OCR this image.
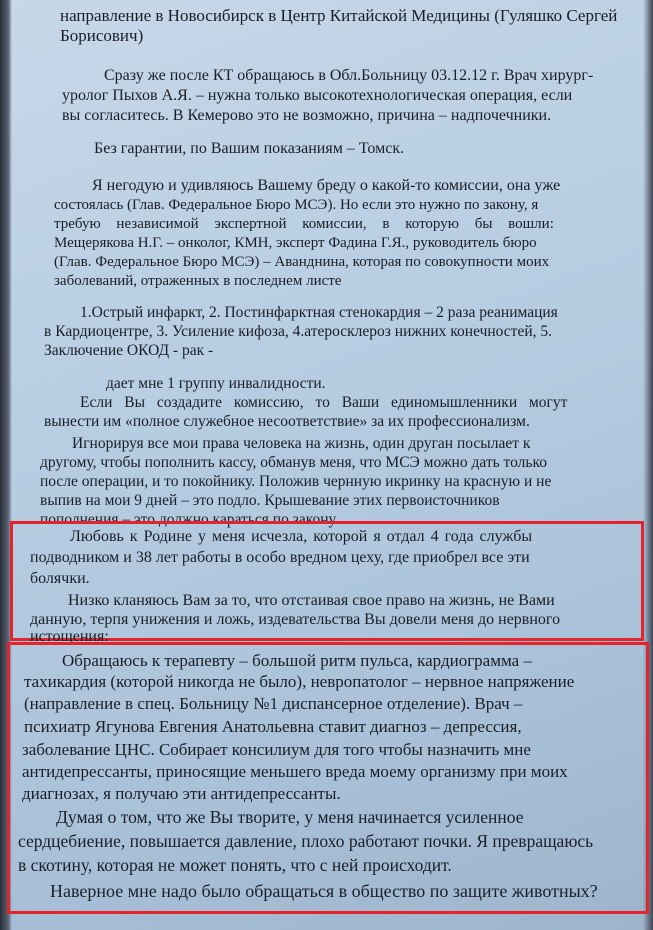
направление в Новосибирск в Центр Китайской Медицины (Гуляшко Сергей
Борисович)
Сразу же после КТ обращаюсь в Обл.Больницу 03.12.12 г. Врач хирург-
уролог Пыхов А.Я. – нужна только высокотехнологическая операция, если
вы согласитесь. В Кемерово это не возможно, причина – надпочечники.
Без гарантии, по Вашим показаниям – Томск.
Я негодую и удивляюсь Вашему бреду о какой-то комиссии, она уже
состоялась (Глав. Федеральное Бюро МСЭ). Но если это нужно по закону, я
требую независимой экспертной комиссии, в которую бы вошли:
Мещерякова Н.Г. – онколог, КМН, эксперт Фадина Г.Я., руководитель бюро
(Глав. Федеральное Бюро МСЭ) – Аванднина, которая по совокупности моих
заболеваний, отраженных в последнем листе
1.Острый инфаркт, 2. Постинфарктная стенокардия – 2 раза реанимация
в Кардиоцентре, 3. Усиление кифоза, 4.атеросклероз нижних конечностей, 5.
Заключение ОКОД - рак -
дает мне 1 группу инвалидности.
Если Вы создадите комиссию, то Ваши единомышленники могут
вынести им «полное служебное несоответствие» за их профессионализм.
Игнорируя все мои права человека на жизнь, один друган посылает к
другому, чтобы пополнить кассу, обманув меня, что МСЭ можно дать только
после операции, и то покойнику. Положив чернную икринку на красную и не
выпив на мои 9 дней – это подло. Крышевание этих первоисточников
пополнения – это должно караться по закону.
Любовь к Родине у меня исчезла, которой я отдал 4 года службы
подводником и 38 лет работы в особо вредном цеху, где приобрел все эти
болячки.
Низко кланяюсь Вам за то, что отстаивая свое право на жизнь, не Вами
данную, терпя унижения и ложь, издевательства Вы довели меня до нервного
истощения:
Обращаюсь к терапевту – большой ритм пульса, кардиограмма –
тахикардия (которой никогда не было), невропатолог – нервное напряжение
(направление в спец. Больницу №1 диспансерное отделение). Врач –
психиатр Ягунова Евгения Анатольевна ставит диагноз – депрессия,
заболевание ЦНС. Собирает консилиум для того чтобы назначить мне
антидепрессанты, приносящие меньшего вреда моему организму при моих
диагнозах, я получаю эти антидепрессанты.
Думая о том, что же Вы творите, у меня начинается усиленное
сердцебиение, повышается давление, плохо работают почки. Я превращаюсь
в скотину, которая не может понять, что с ней происходит.
Наверное мне надо было обращаться в общество по защите животных?
